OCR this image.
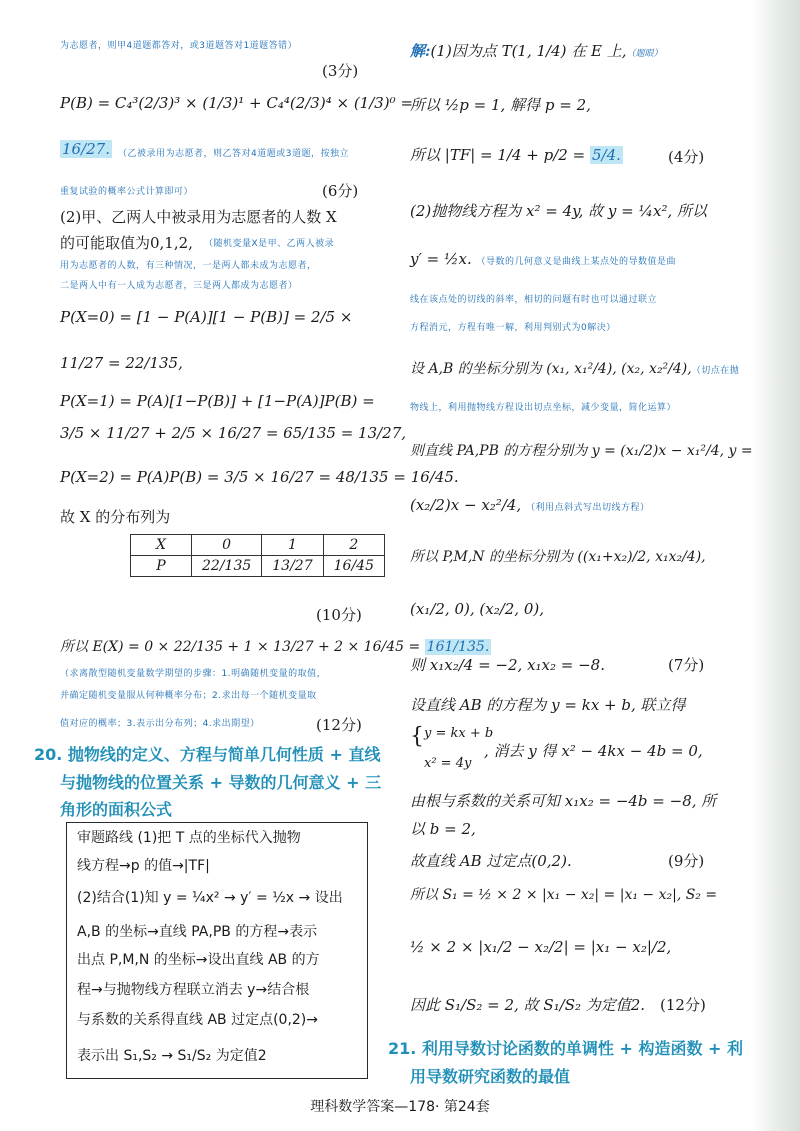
为志愿者，则甲4道题都答对，或3道题答对1道题答错）
(3分)
P(B) = C₄³(2/3)³ × (1/3)¹ + C₄⁴(2/3)⁴ × (1/3)⁰ =
16/27. （乙被录用为志愿者，则乙答对4道题或3道题，按独立
重复试验的概率公式计算即可）	(6分)
(2)甲、乙两人中被录用为志愿者的人数 X
的可能取值为0,1,2, （随机变量X是甲、乙两人被录
用为志愿者的人数，有三种情况，一是两人都未成为志愿者，
二是两人中有一人成为志愿者，三是两人都成为志愿者）
P(X=0) = [1 − P(A)][1 − P(B)] = 2/5 ×
11/27 = 22/135,
P(X=1) = P(A)[1−P(B)] + [1−P(A)]P(B) =
3/5 × 11/27 + 2/5 × 16/27 = 65/135 = 13/27,
P(X=2) = P(A)P(B) = 3/5 × 16/27 = 48/135 = 16/45.
故 X 的分布列为
X	0	1	2
P	22/135	13/27	16/45
(10分)
所以 E(X) = 0 × 22/135 + 1 × 13/27 + 2 × 16/45 = 161/135.
（求离散型随机变量数学期望的步骤：1.明确随机变量的取值，
并确定随机变量服从何种概率分布；2.求出每一个随机变量取
值对应的概率；3.表示出分布列；4.求出期望）	(12分)
20. 抛物线的定义、方程与简单几何性质 + 直线
与抛物线的位置关系 + 导数的几何意义 + 三
角形的面积公式
审题路线 (1)把 T 点的坐标代入抛物
线方程→p 的值→|TF|
(2)结合(1)知 y = ¼x² → y′ = ½x → 设出
A,B 的坐标→直线 PA,PB 的方程→表示
出点 P,M,N 的坐标→设出直线 AB 的方
程→与抛物线方程联立消去 y→结合根
与系数的关系得直线 AB 过定点(0,2)→
表示出 S₁,S₂ → S₁/S₂ 为定值2
解:(1)因为点 T(1, 1/4) 在 E 上,（题眼）
所以 ½p = 1, 解得 p = 2,
所以 |TF| = 1/4 + p/2 = 5/4.	(4分)
(2)抛物线方程为 x² = 4y, 故 y = ¼x², 所以
y′ = ½x. （导数的几何意义是曲线上某点处的导数值是曲
线在该点处的切线的斜率，相切的问题有时也可以通过联立
方程消元，方程有唯一解，利用判别式为0解决）
设 A,B 的坐标分别为 (x₁, x₁²/4), (x₂, x₂²/4),（切点在抛
物线上，利用抛物线方程设出切点坐标，减少变量，简化运算）
则直线 PA,PB 的方程分别为 y = (x₁/2)x − x₁²/4, y =
(x₂/2)x − x₂²/4, （利用点斜式写出切线方程）
所以 P,M,N 的坐标分别为 ((x₁+x₂)/2, x₁x₂/4),
(x₁/2, 0), (x₂/2, 0),
则 x₁x₂/4 = −2, x₁x₂ = −8.	(7分)
设直线 AB 的方程为 y = kx + b, 联立得
{ y = kx + b
x² = 4y
, 消去 y 得 x² − 4kx − 4b = 0,
由根与系数的关系可知 x₁x₂ = −4b = −8, 所
以 b = 2,
故直线 AB 过定点(0,2).	(9分)
所以 S₁ = ½ × 2 × |x₁ − x₂| = |x₁ − x₂|, S₂ =
½ × 2 × |x₁/2 − x₂/2| = |x₁ − x₂|/2,
因此 S₁/S₂ = 2, 故 S₁/S₂ 为定值2. (12分)
21. 利用导数讨论函数的单调性 + 构造函数 + 利
用导数研究函数的最值
理科数学答案—178· 第24套
